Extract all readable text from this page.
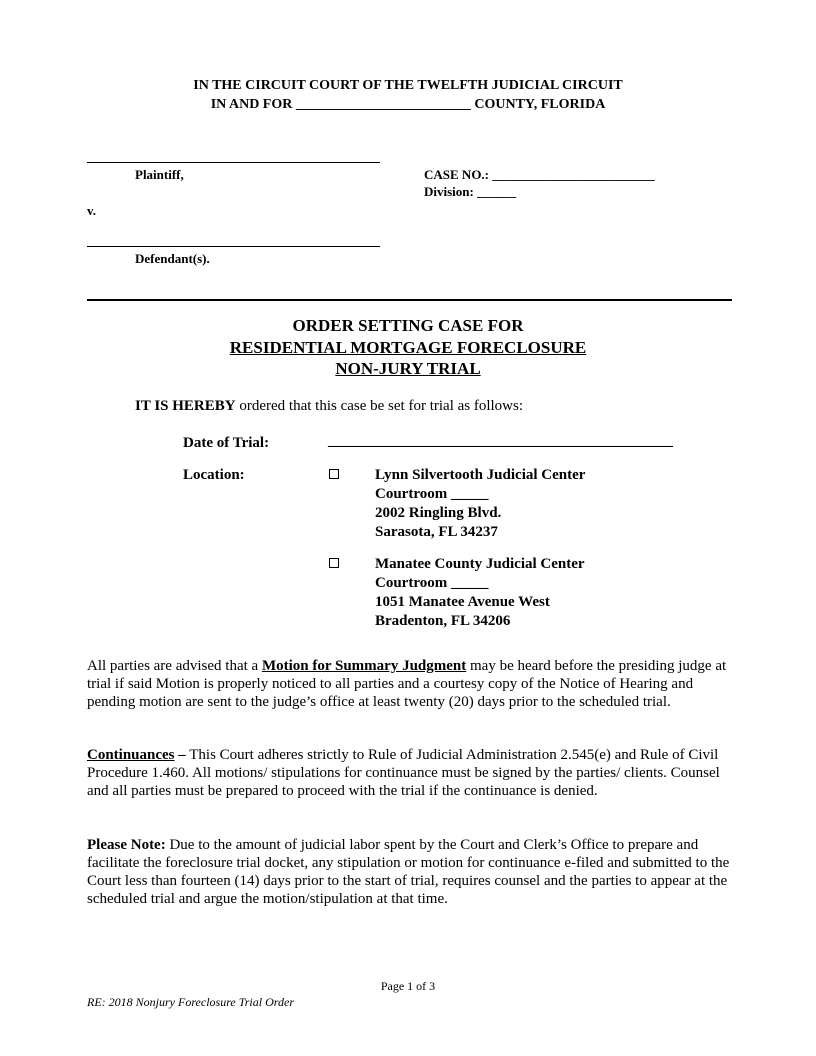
IN THE CIRCUIT COURT OF THE TWELFTH JUDICIAL CIRCUIT
IN AND FOR _________________________ COUNTY, FLORIDA
Plaintiff,	CASE NO.: _________________________
Division: ______
v.
Defendant(s).
ORDER SETTING CASE FOR
RESIDENTIAL MORTGAGE FORECLOSURE
NON-JURY TRIAL
IT IS HEREBY ordered that this case be set for trial as follows:
Date of Trial:	______________________________________________
Location:	Lynn Silvertooth Judicial Center
Courtroom _____
2002 Ringling Blvd.
Sarasota, FL 34237
Manatee County Judicial Center
Courtroom _____
1051 Manatee Avenue West
Bradenton, FL 34206
All parties are advised that a Motion for Summary Judgment may be heard before the presiding judge at trial if said Motion is properly noticed to all parties and a courtesy copy of the Notice of Hearing and pending motion are sent to the judge’s office at least twenty (20) days prior to the scheduled trial.
Continuances – This Court adheres strictly to Rule of Judicial Administration 2.545(e) and Rule of Civil Procedure 1.460. All motions/ stipulations for continuance must be signed by the parties/ clients. Counsel and all parties must be prepared to proceed with the trial if the continuance is denied.
Please Note: Due to the amount of judicial labor spent by the Court and Clerk’s Office to prepare and facilitate the foreclosure trial docket, any stipulation or motion for continuance e-filed and submitted to the Court less than fourteen (14) days prior to the start of trial, requires counsel and the parties to appear at the scheduled trial and argue the motion/stipulation at that time.
Page 1 of 3
RE: 2018 Nonjury Foreclosure Trial Order
